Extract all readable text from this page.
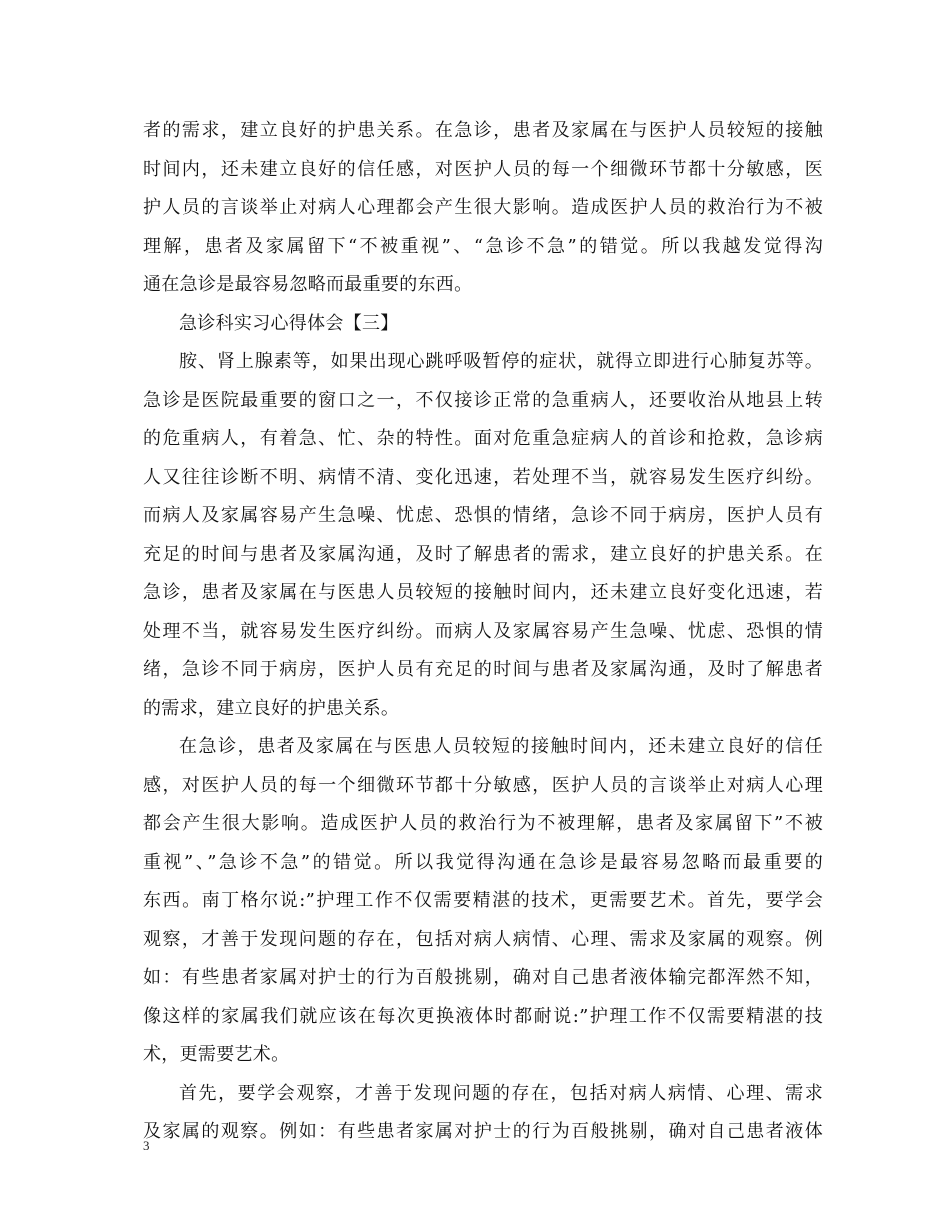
者的需求，建立良好的护患关系。在急诊，患者及家属在与医护人员较短的接触
时间内，还未建立良好的信任感，对医护人员的每一个细微环节都十分敏感，医
护人员的言谈举止对病人心理都会产生很大影响。造成医护人员的救治行为不被
理解，患者及家属留下“不被重视”、“急诊不急”的错觉。所以我越发觉得沟
通在急诊是最容易忽略而最重要的东西。
急诊科实习心得体会【三】
胺、肾上腺素等，如果出现心跳呼吸暂停的症状，就得立即进行心肺复苏等。
急诊是医院最重要的窗口之一，不仅接诊正常的急重病人，还要收治从地县上转
的危重病人，有着急、忙、杂的特性。面对危重急症病人的首诊和抢救，急诊病
人又往往诊断不明、病情不清、变化迅速，若处理不当，就容易发生医疗纠纷。
而病人及家属容易产生急噪、忧虑、恐惧的情绪，急诊不同于病房，医护人员有
充足的时间与患者及家属沟通，及时了解患者的需求，建立良好的护患关系。在
急诊，患者及家属在与医患人员较短的接触时间内，还未建立良好变化迅速，若
处理不当，就容易发生医疗纠纷。而病人及家属容易产生急噪、忧虑、恐惧的情
绪，急诊不同于病房，医护人员有充足的时间与患者及家属沟通，及时了解患者
的需求，建立良好的护患关系。
在急诊，患者及家属在与医患人员较短的接触时间内，还未建立良好的信任
感，对医护人员的每一个细微环节都十分敏感，医护人员的言谈举止对病人心理
都会产生很大影响。造成医护人员的救治行为不被理解，患者及家属留下”不被
重视”、”急诊不急”的错觉。所以我觉得沟通在急诊是最容易忽略而最重要的
东西。南丁格尔说:”护理工作不仅需要精湛的技术，更需要艺术。首先，要学会
观察，才善于发现问题的存在，包括对病人病情、心理、需求及家属的观察。例
如：有些患者家属对护士的行为百般挑剔，确对自己患者液体输完都浑然不知，
像这样的家属我们就应该在每次更换液体时都耐说:”护理工作不仅需要精湛的技
术，更需要艺术。
首先，要学会观察，才善于发现问题的存在，包括对病人病情、心理、需求
及家属的观察。例如：有些患者家属对护士的行为百般挑剔，确对自己患者液体
3
